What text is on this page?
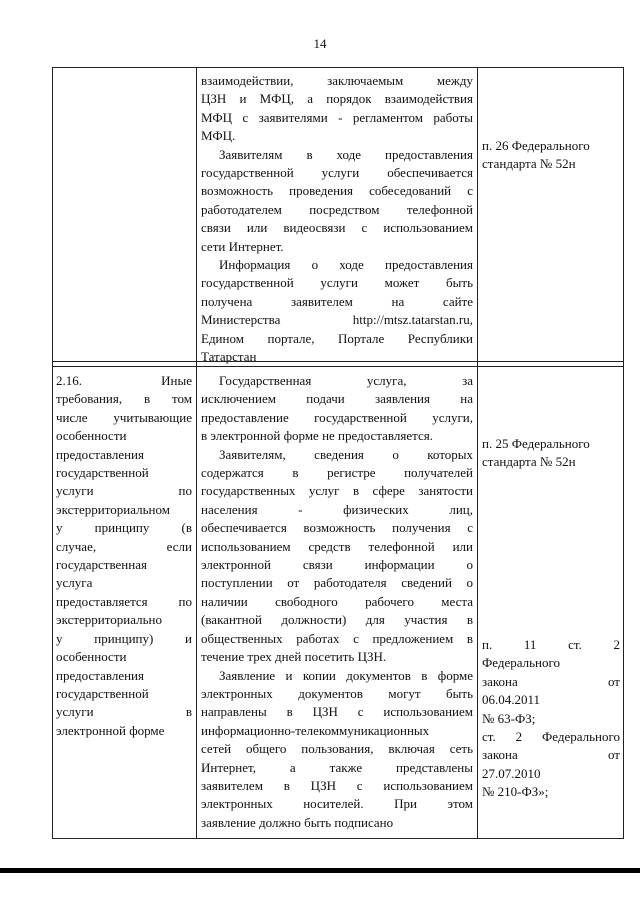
14
взаимодействии, заключаемым между
ЦЗН и МФЦ, а порядок взаимодействия
МФЦ с заявителями - регламентом работы
МФЦ.
Заявителям в ходе предоставления
государственной услуги обеспечивается
возможность проведения собеседований с
работодателем посредством телефонной
связи или видеосвязи с использованием
сети Интернет.
Информация о ходе предоставления
государственной услуги может быть
получена заявителем на сайте
Министерства http://mtsz.tatarstan.ru,
Едином портале, Портале Республики
Татарстан
п. 26 Федерального
стандарта № 52н
2.16. Иные
требования, в том
числе учитывающие
особенности
предоставления
государственной
услуги по
экстерриториальном
у принципу (в
случае, если
государственная
услуга
предоставляется по
экстерриториально
у принципу) и
особенности
предоставления
государственной
услуги в
электронной форме
Государственная услуга, за
исключением подачи заявления на
предоставление государственной услуги,
в электронной форме не предоставляется.
Заявителям, сведения о которых
содержатся в регистре получателей
государственных услуг в сфере занятости
населения - физических лиц,
обеспечивается возможность получения с
использованием средств телефонной или
электронной связи информации о
поступлении от работодателя сведений о
наличии свободного рабочего места
(вакантной должности) для участия в
общественных работах с предложением в
течение трех дней посетить ЦЗН.
Заявление и копии документов в форме
электронных документов могут быть
направлены в ЦЗН с использованием
информационно-телекоммуникационных
сетей общего пользования, включая сеть
Интернет, а также представлены
заявителем в ЦЗН с использованием
электронных носителей. При этом
заявление должно быть подписано
п. 25 Федерального
стандарта № 52н
п. 11 ст. 2
Федерального
закона от
06.04.2011
№ 63-ФЗ;
ст. 2 Федерального
закона от
27.07.2010
№ 210-ФЗ»;
